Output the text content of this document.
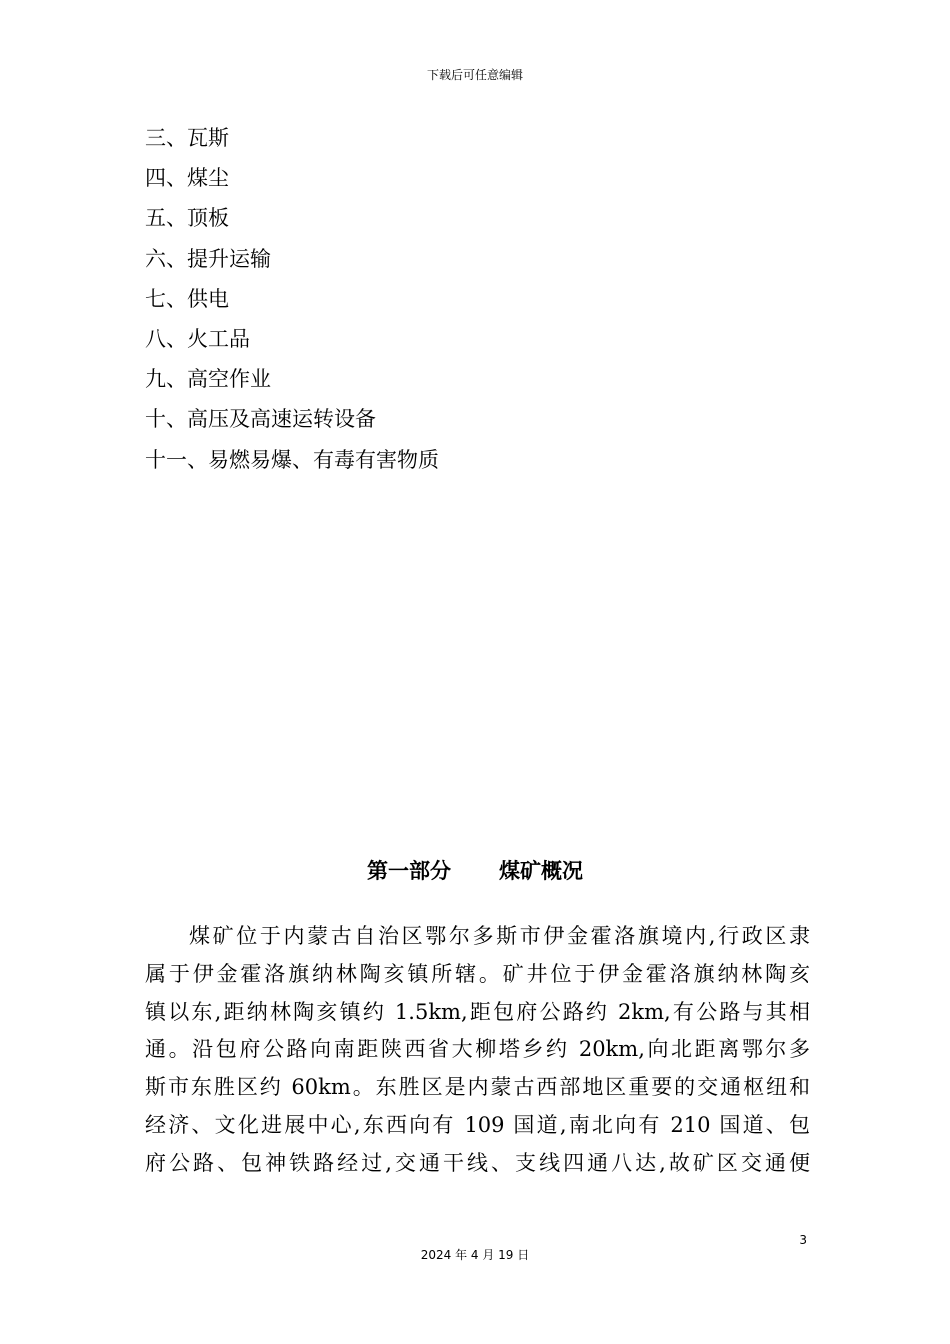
下载后可任意编辑
三、瓦斯
四、煤尘
五、顶板
六、提升运输
七、供电
八、火工品
九、高空作业
十、高压及高速运转设备
十一、易燃易爆、有毒有害物质
第一部分 煤矿概况
煤矿位于内蒙古自治区鄂尔多斯市伊金霍洛旗境内,行政区隶
属于伊金霍洛旗纳林陶亥镇所辖。矿井位于伊金霍洛旗纳林陶亥
镇以东,距纳林陶亥镇约 1.5km,距包府公路约 2km,有公路与其相
通。沿包府公路向南距陕西省大柳塔乡约 20km,向北距离鄂尔多
斯市东胜区约 60km。东胜区是内蒙古西部地区重要的交通枢纽和
经济、文化进展中心,东西向有 109 国道,南北向有 210 国道、包
府公路、包神铁路经过,交通干线、支线四通八达,故矿区交通便
3
2024 年 4 月 19 日
